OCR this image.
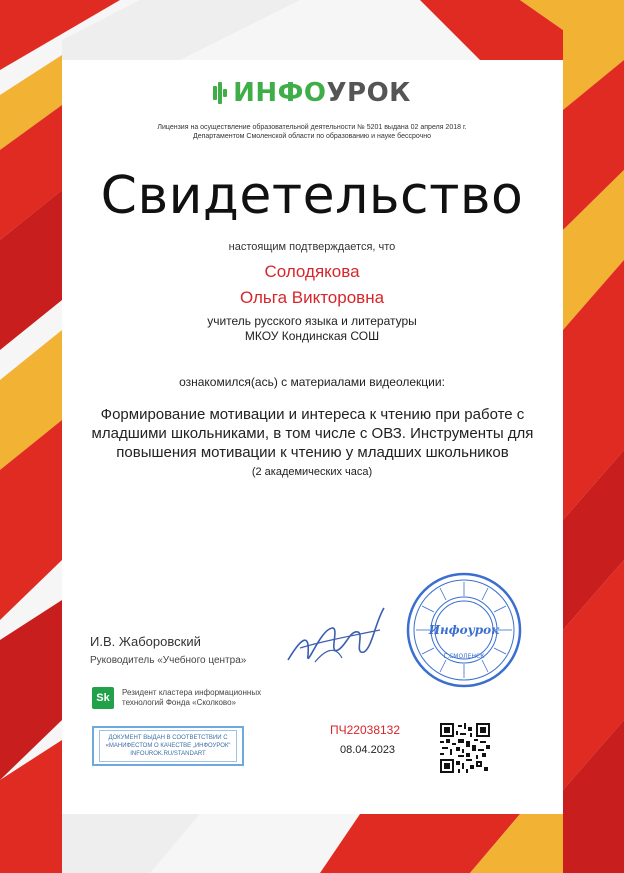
ИНФОУРОК
Лицензия на осуществление образовательной деятельности № 5201 выдана 02 апреля 2018 г.
Департаментом Смоленской области по образованию и науке бессрочно
Свидетельство
настоящим подтверждается, что
Солодякова
Ольга Викторовна
учитель русского языка и литературы
МКОУ Кондинская СОШ
ознакомился(ась) с материалами видеолекции:
Формирование мотивации и интереса к чтению при работе с
младшими школьниками, в том числе с ОВЗ. Инструменты для
повышения мотивации к чтению у младших школьников
(2 академических часа)
И.В. Жаборовский
Руководитель «Учебного центра»
Инфоурок
Г.СМОЛЕНСК
Sk	Резидент кластера информационных
технологий Фонда «Сколково»
ДОКУМЕНТ ВЫДАН В СООТВЕТСТВИИ С
«МАНИФЕСТОМ О КАЧЕСТВЕ „ИНФОУРОК“
INFOUROK.RU/STANDART
ПЧ22038132
08.04.2023
